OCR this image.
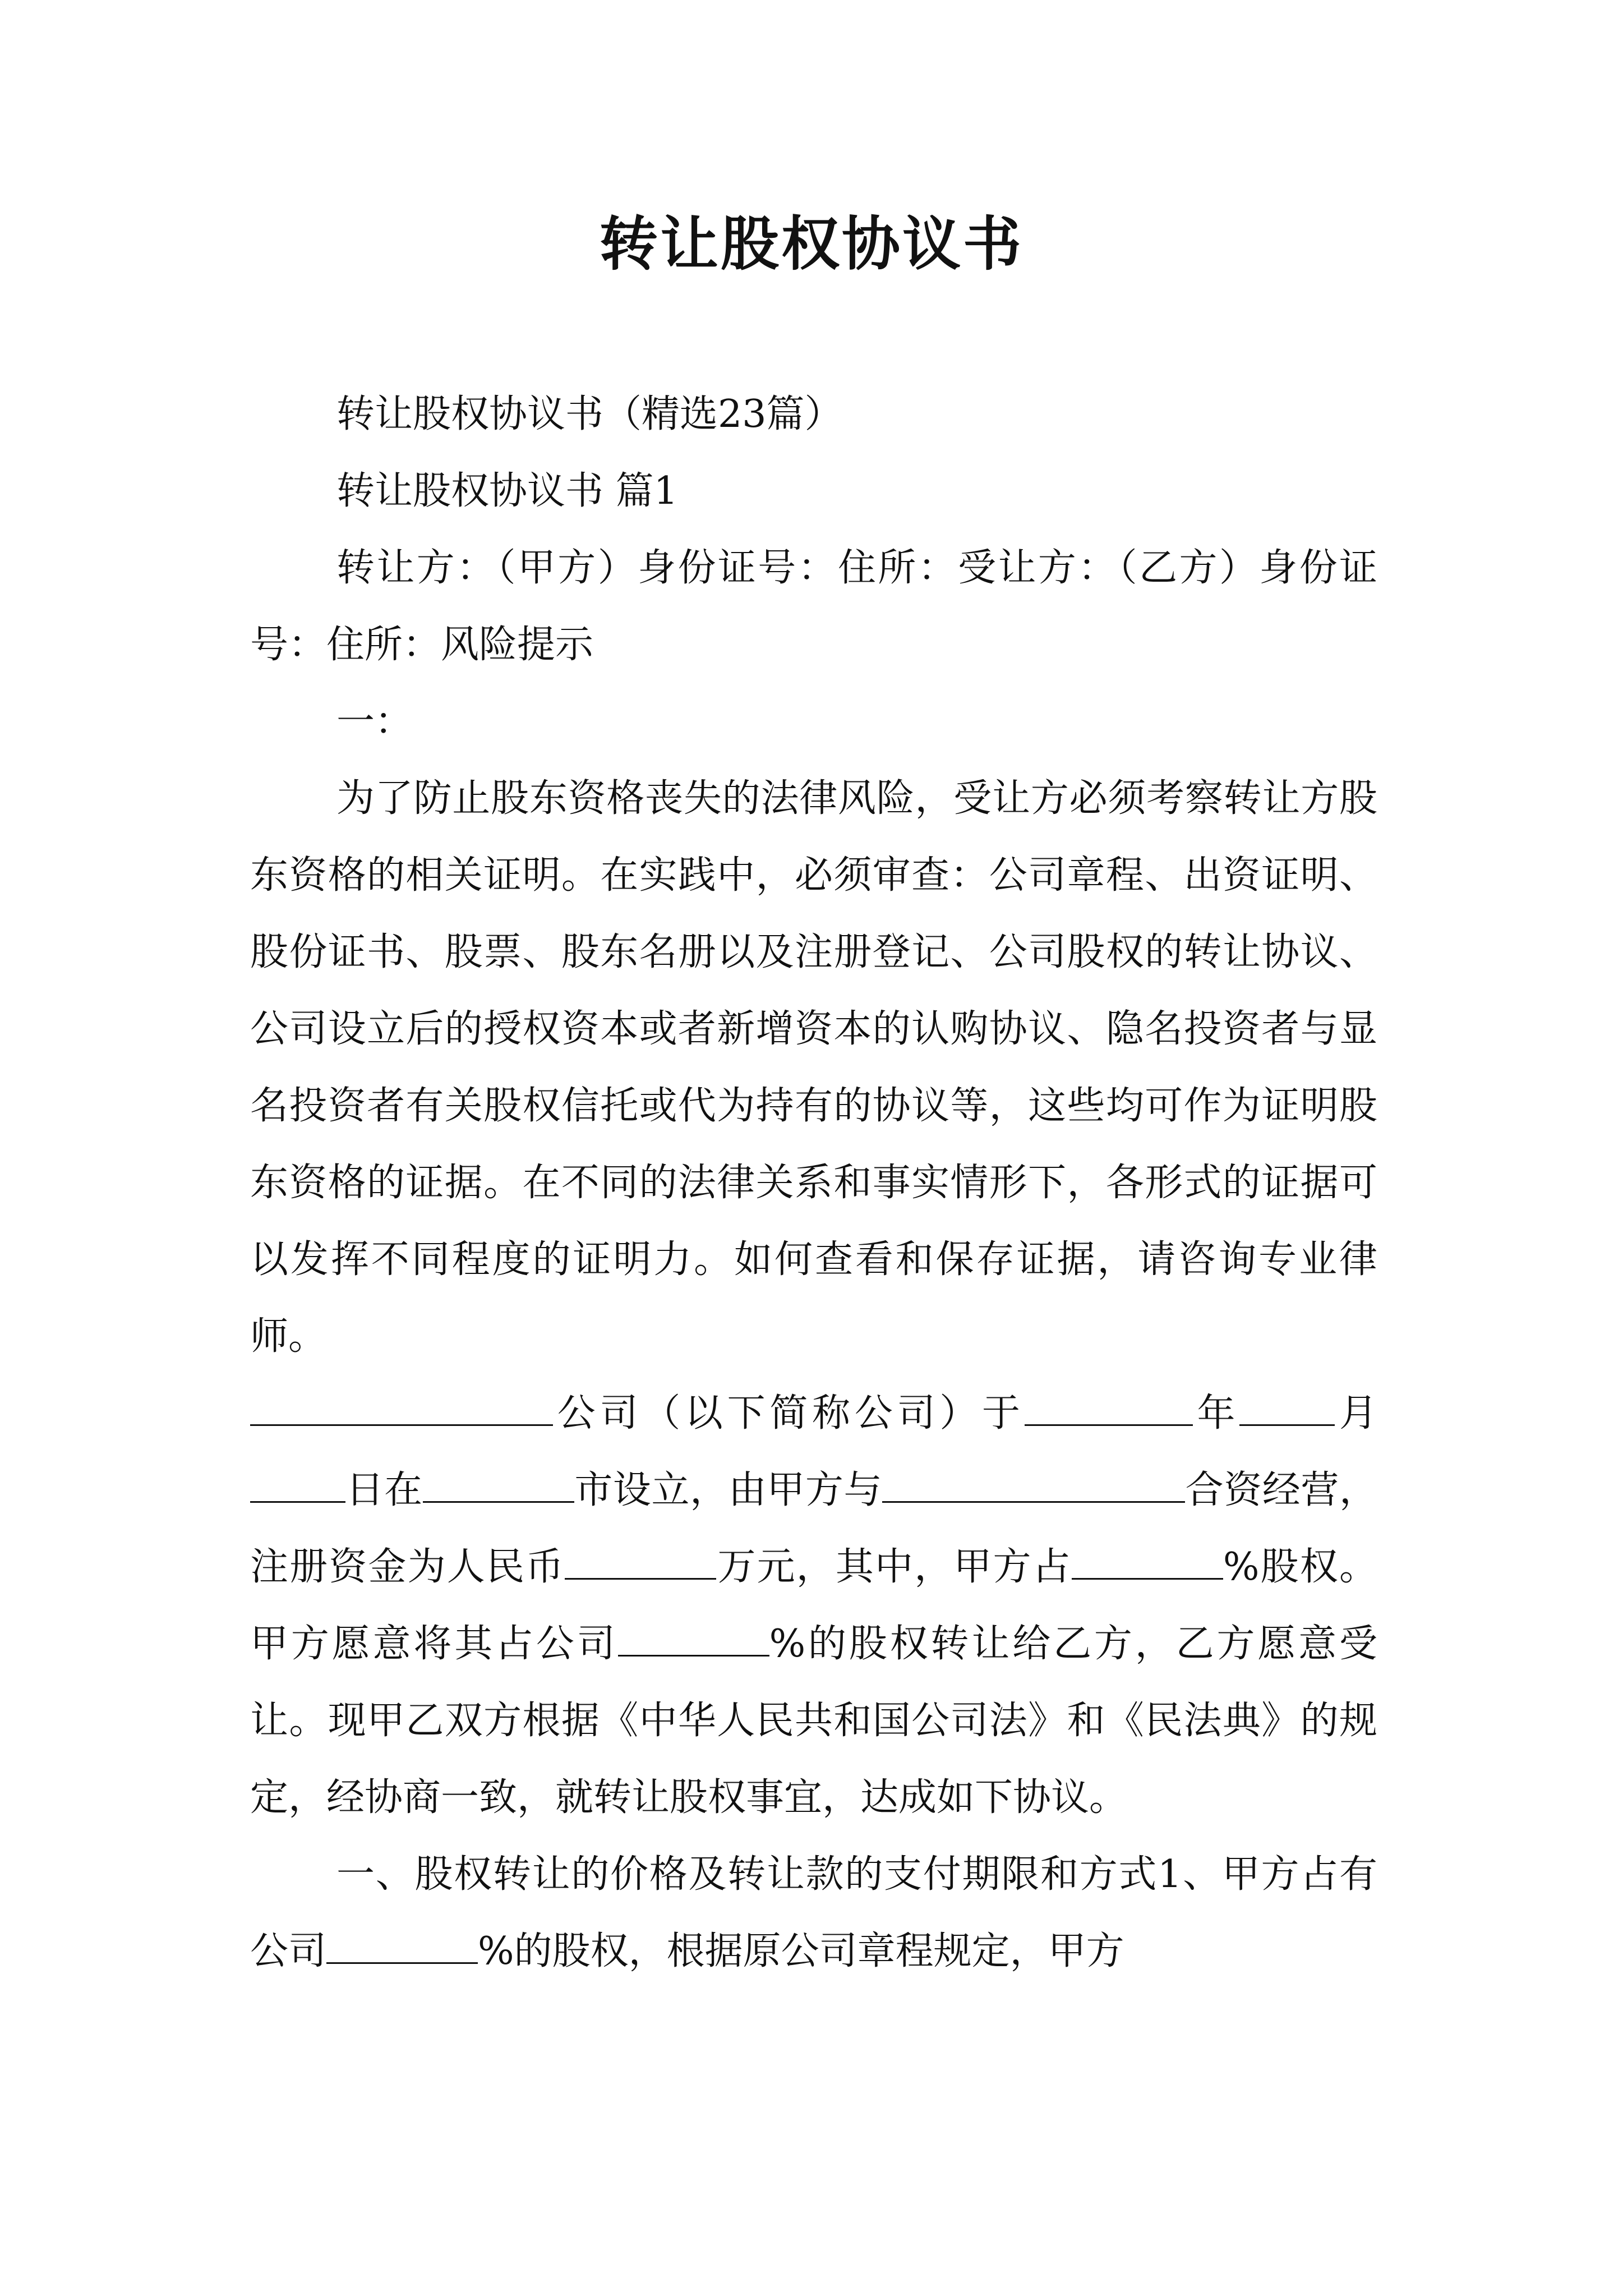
转让股权协议书

转让股权协议书（精选23篇）

转让股权协议书 篇1

转让方：（甲方）身份证号：住所：受让方：（乙方）身份证号：住所：风险提示

一：

为了防止股东资格丧失的法律风险，受让方必须考察转让方股东资格的相关证明。在实践中，必须审查：公司章程、出资证明、股份证书、股票、股东名册以及注册登记、公司股权的转让协议、公司设立后的授权资本或者新增资本的认购协议、隐名投资者与显名投资者有关股权信托或代为持有的协议等，这些均可作为证明股东资格的证据。在不同的法律关系和事实情形下，各形式的证据可以发挥不同程度的证明力。如何查看和保存证据，请咨询专业律师。

公司（以下简称公司）于	年	月日在	市设立，由甲方与	合资经营，注册资金为人民币	万元，其中，甲方占	%股权。甲方愿意将其占公司	%的股权转让给乙方，乙方愿意受让。现甲乙双方根据《中华人民共和国公司法》和《民法典》的规定，经协商一致，就转让股权事宜，达成如下协议。

一、股权转让的价格及转让款的支付期限和方式1、甲方占有公司	%的股权，根据原公司章程规定，甲方
